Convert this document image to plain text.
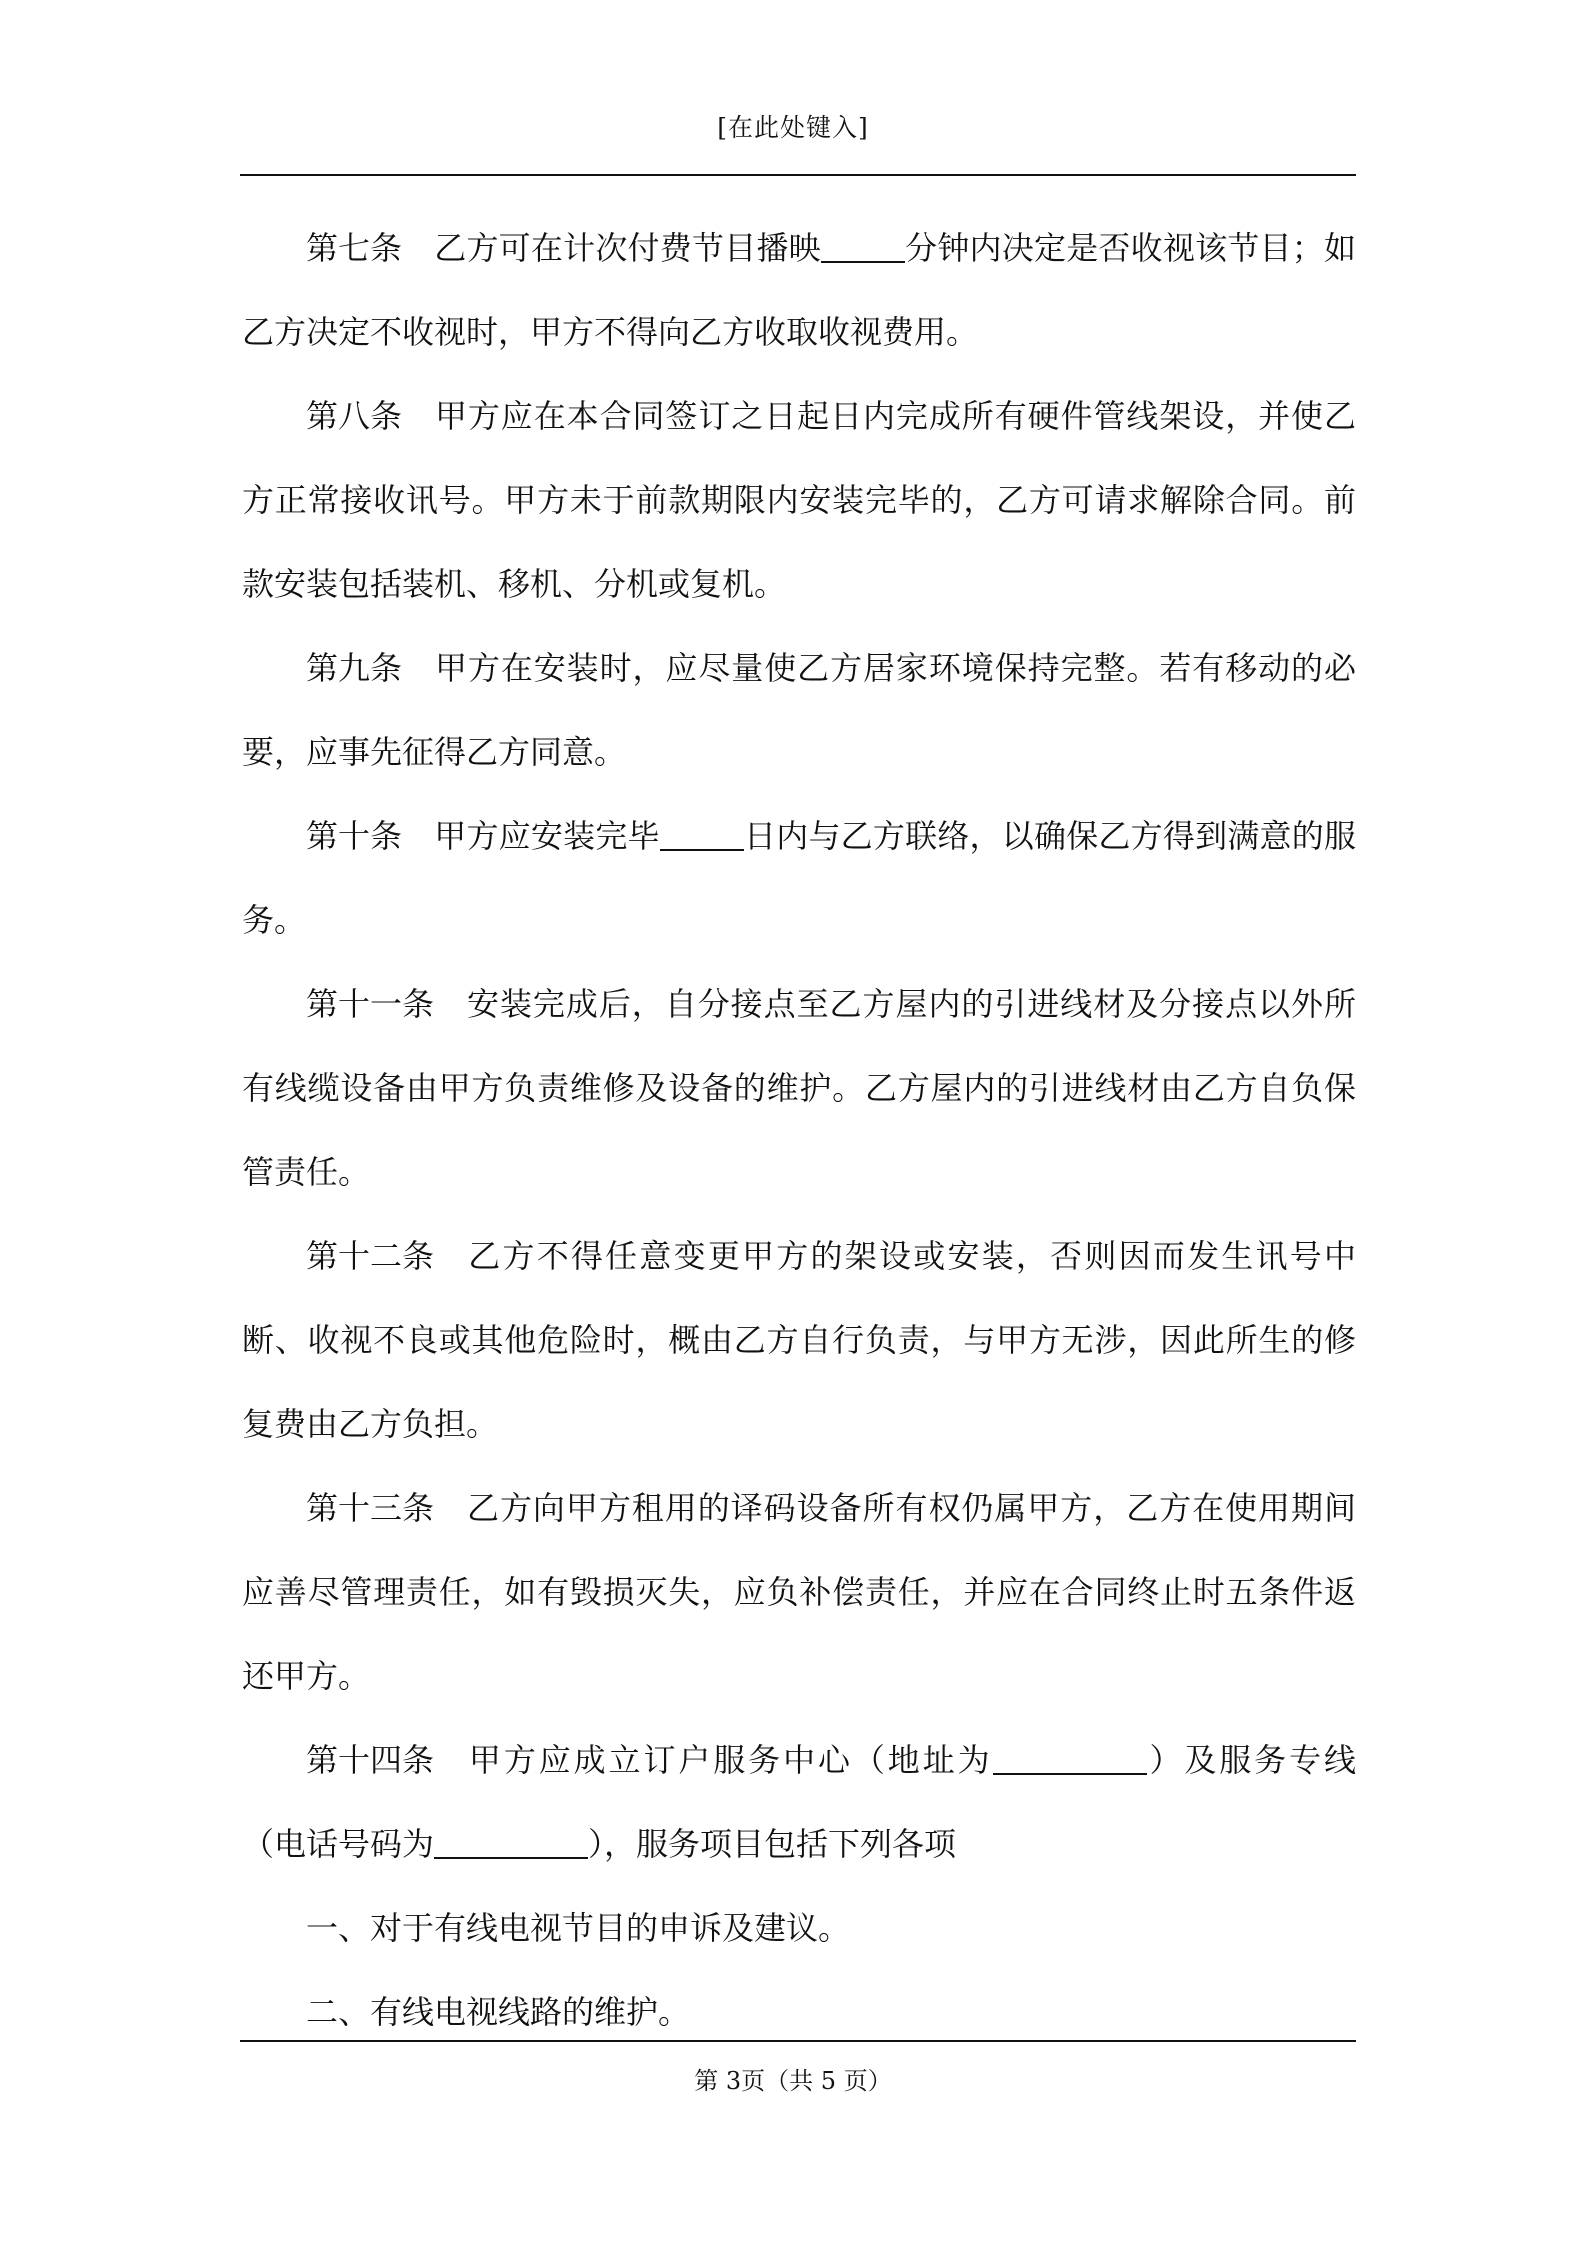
[在此处键入]

第七条 乙方可在计次付费节目播映	分钟内决定是否收视该节目；如乙方决定不收视时，甲方不得向乙方收取收视费用。

第八条 甲方应在本合同签订之日起日内完成所有硬件管线架设，并使乙方正常接收讯号。甲方未于前款期限内安装完毕的，乙方可请求解除合同。前款安装包括装机、移机、分机或复机。

第九条 甲方在安装时，应尽量使乙方居家环境保持完整。若有移动的必要，应事先征得乙方同意。

第十条 甲方应安装完毕	日内与乙方联络，以确保乙方得到满意的服务。

第十一条 安装完成后，自分接点至乙方屋内的引进线材及分接点以外所有线缆设备由甲方负责维修及设备的维护。乙方屋内的引进线材由乙方自负保管责任。

第十二条 乙方不得任意变更甲方的架设或安装，否则因而发生讯号中断、收视不良或其他危险时，概由乙方自行负责，与甲方无涉，因此所生的修复费由乙方负担。

第十三条 乙方向甲方租用的译码设备所有权仍属甲方，乙方在使用期间应善尽管理责任，如有毁损灭失，应负补偿责任，并应在合同终止时五条件返还甲方。

第十四条 甲方应成立订户服务中心（地址为	）及服务专线（电话号码为	），服务项目包括下列各项

一、对于有线电视节目的申诉及建议。

二、有线电视线路的维护。

第 3页（共 5 页）
